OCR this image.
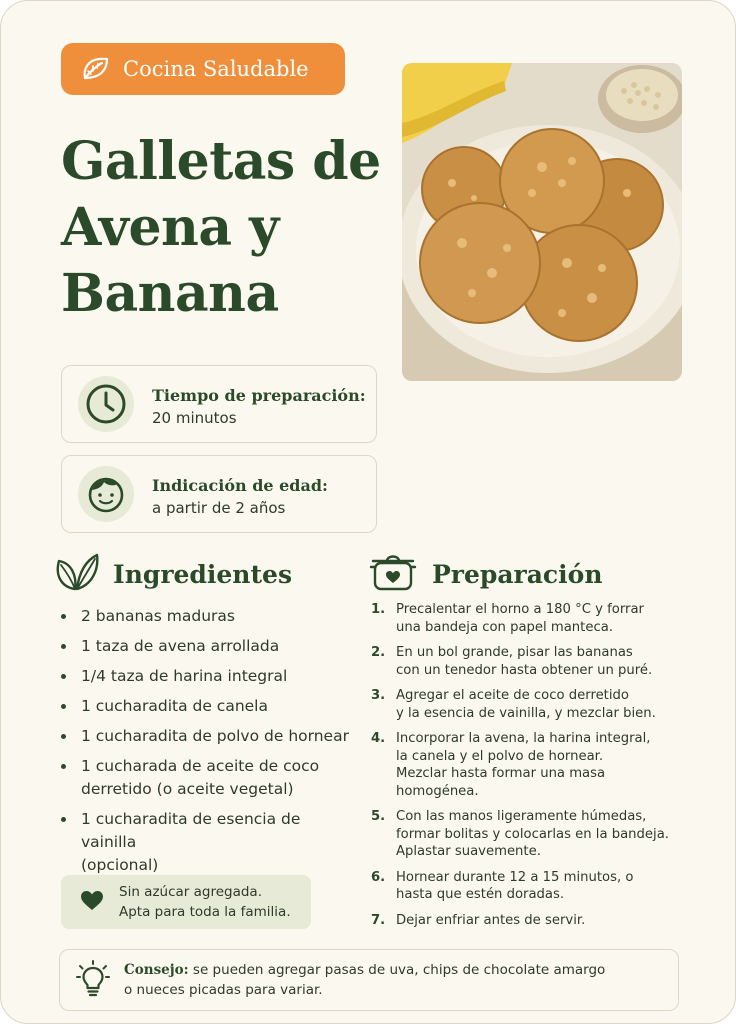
Cocina Saludable
Galletas de
Avena y
Banana
Tiempo de preparación:
20 minutos
Indicación de edad:
a partir de 2 años
Ingredientes
2 bananas maduras
1 taza de avena arrollada
1/4 taza de harina integral
1 cucharadita de canela
1 cucharadita de polvo de hornear
1 cucharada de aceite de coco
derretido (o aceite vegetal)
1 cucharadita de esencia de vainilla
(opcional)
Sin azúcar agregada.
Apta para toda la familia.
Preparación
1. Precalentar el horno a 180 °C y forrar
una bandeja con papel manteca.
2. En un bol grande, pisar las bananas
con un tenedor hasta obtener un puré.
3. Agregar el aceite de coco derretido
y la esencia de vainilla, y mezclar bien.
4. Incorporar la avena, la harina integral,
la canela y el polvo de hornear.
Mezclar hasta formar una masa
homogénea.
5. Con las manos ligeramente húmedas,
formar bolitas y colocarlas en la bandeja.
Aplastar suavemente.
6. Hornear durante 12 a 15 minutos, o
hasta que estén doradas.
7. Dejar enfriar antes de servir.
Consejo: se pueden agregar pasas de uva, chips de chocolate amargo
o nueces picadas para variar.
